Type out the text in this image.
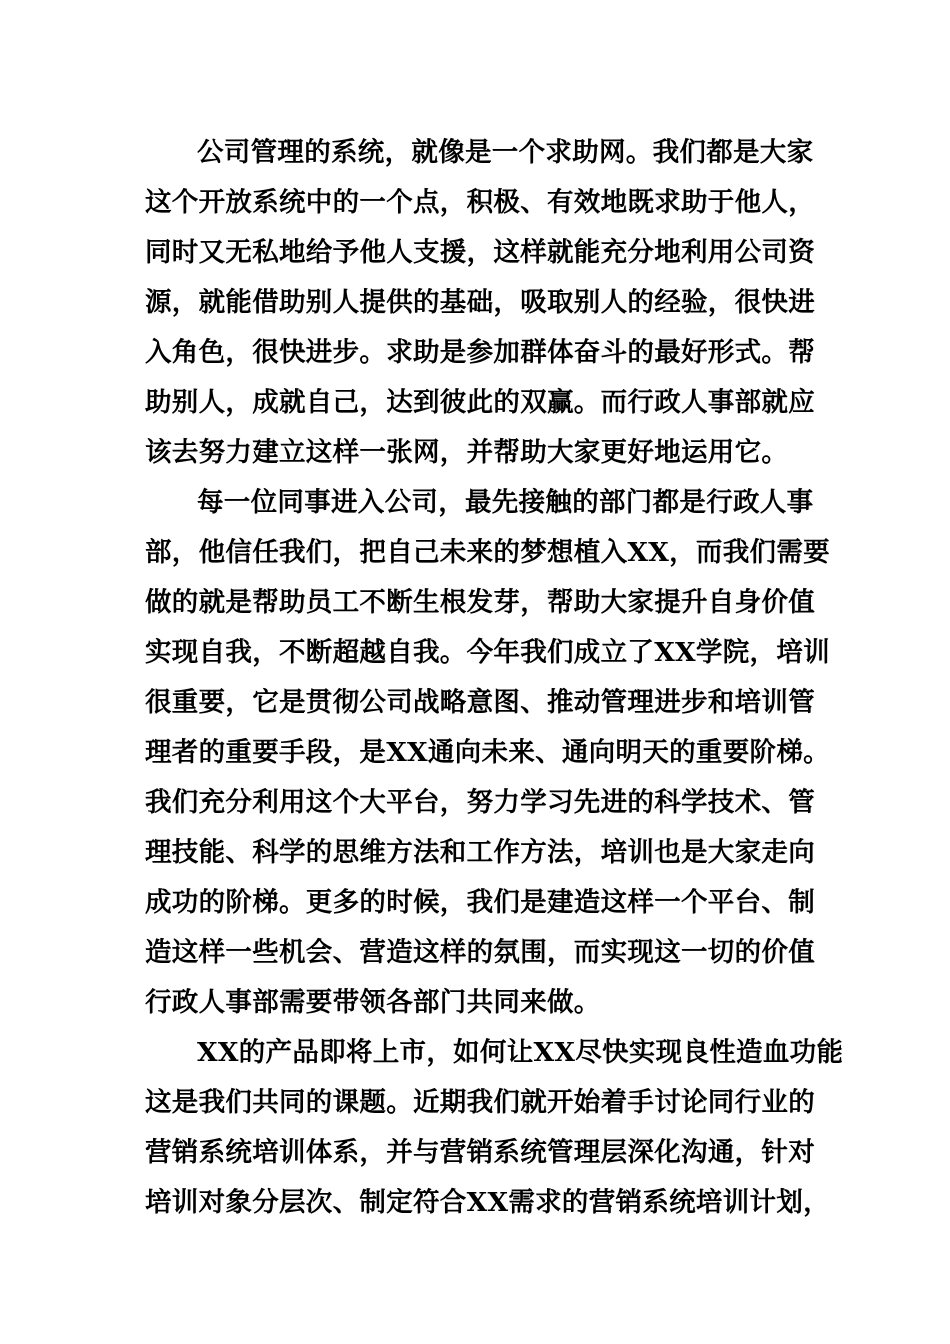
公司管理的系统，就像是一个求助网。我们都是大家
这个开放系统中的一个点，积极、有效地既求助于他人，
同时又无私地给予他人支援，这样就能充分地利用公司资
源，就能借助别人提供的基础，吸取别人的经验，很快进
入角色，很快进步。求助是参加群体奋斗的最好形式。帮
助别人，成就自己，达到彼此的双赢。而行政人事部就应
该去努力建立这样一张网，并帮助大家更好地运用它。
每一位同事进入公司，最先接触的部门都是行政人事
部，他信任我们，把自己未来的梦想植入XX，而我们需要
做的就是帮助员工不断生根发芽，帮助大家提升自身价值
实现自我，不断超越自我。今年我们成立了XX学院，培训
很重要，它是贯彻公司战略意图、推动管理进步和培训管
理者的重要手段，是XX通向未来、通向明天的重要阶梯。
我们充分利用这个大平台，努力学习先进的科学技术、管
理技能、科学的思维方法和工作方法，培训也是大家走向
成功的阶梯。更多的时候，我们是建造这样一个平台、制
造这样一些机会、营造这样的氛围，而实现这一切的价值
行政人事部需要带领各部门共同来做。
XX的产品即将上市，如何让XX尽快实现良性造血功能
这是我们共同的课题。近期我们就开始着手讨论同行业的
营销系统培训体系，并与营销系统管理层深化沟通，针对
培训对象分层次、制定符合XX需求的营销系统培训计划，
